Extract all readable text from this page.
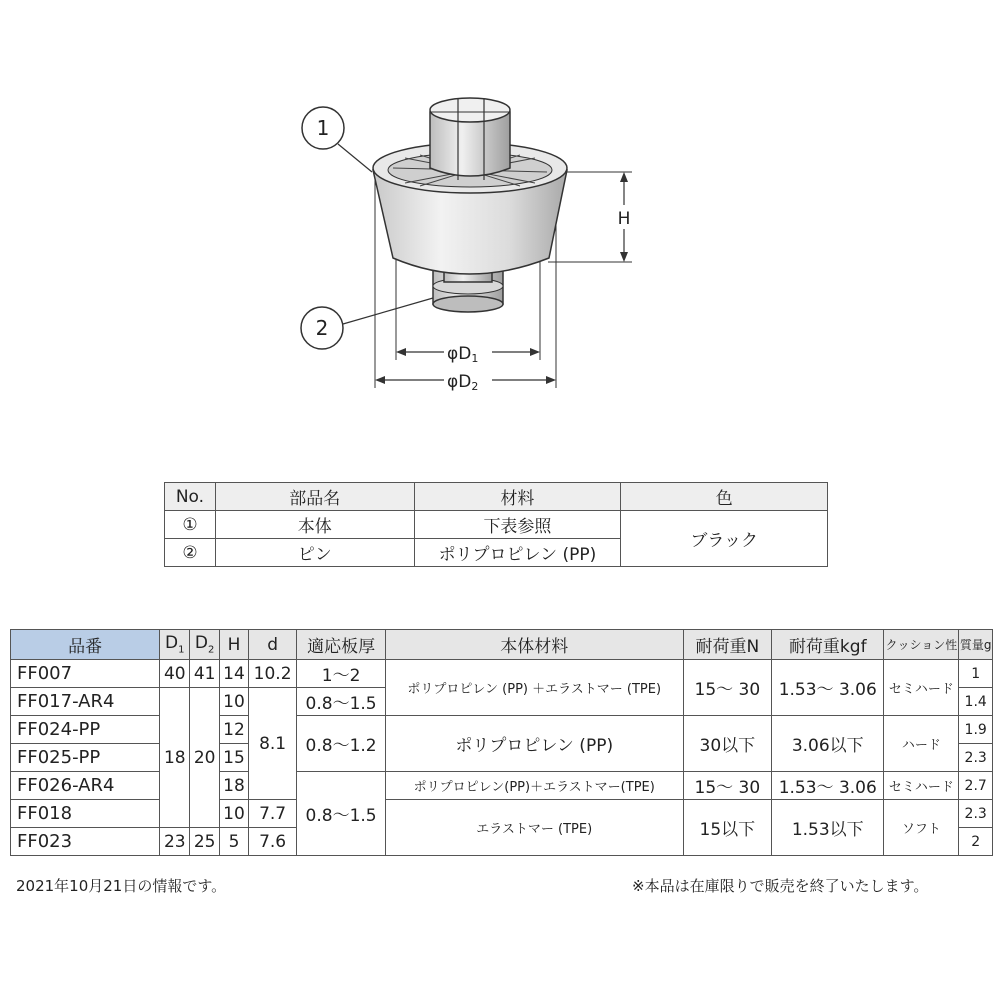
1
2
H
φD1
φD2
No.	部品名	材料	色
①	本体	下表参照	ブラック
②	ピン	ポリプロピレン (PP)	
品番	$D_1$	$D_2$	H	d	適応板厚	本体材料	耐荷重N	耐荷重kgf	クッション性	質量g
FF007	40	41	14	10.2	1～2	ポリプロピレン (PP) ＋エラストマー (TPE)	15～ 30	1.53～ 3.06	セミハード	1
FF017-AR4	18	20	10	8.1	0.8～1.5					1.4
FF024-PP			12		0.8～1.2	ポリプロピレン (PP)	30以下	3.06以下	ハード	1.9
FF025-PP			15							2.3
FF026-AR4			18		0.8～1.5	ポリプロピレン(PP)＋エラストマー(TPE)	15～ 30	1.53～ 3.06	セミハード	2.7
FF018			10	7.7		エラストマー (TPE)	15以下	1.53以下	ソフト	2.3
FF023	23	25	5	7.6						2
2021年10月21日の情報です。	※本品は在庫限りで販売を終了いたします。
